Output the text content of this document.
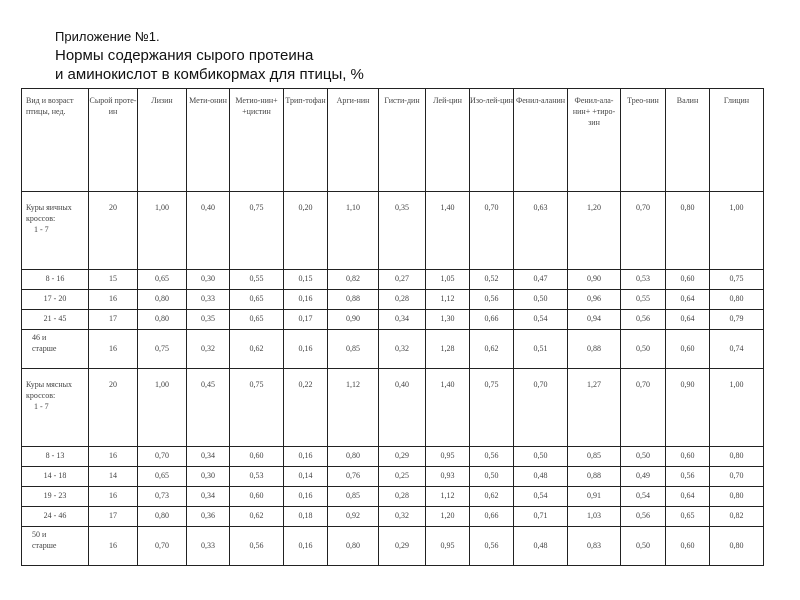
Приложение №1.
Нормы содержания сырого протеина
и аминокислот в комбикормах для птицы, %
Вид и возраст птицы, нед.	Сырой проте-ин	Лизин	Мети-онин	Метио-нин+ +цистин	Трип-тофан	Арги-нин	Гисти-дин	Лей-цин	Изо-лей-цин	Фенил-аланин	Фенил-ала-нин+ +тиро-зин	Трео-нин	Валин	Глицин

Куры яичных
кроссов:
1 - 7	20	1,00	0,40	0,75	0,20	1,10	0,35	1,40	0,70	0,63	1,20	0,70	0,80	1,00

8 - 16	15	0,65	0,30	0,55	0,15	0,82	0,27	1,05	0,52	0,47	0,90	0,53	0,60	0,75

17 - 20	16	0,80	0,33	0,65	0,16	0,88	0,28	1,12	0,56	0,50	0,96	0,55	0,64	0,80

21 - 45	17	0,80	0,35	0,65	0,17	0,90	0,34	1,30	0,66	0,54	0,94	0,56	0,64	0,79

46 и
старше	16	0,75	0,32	0,62	0,16	0,85	0,32	1,28	0,62	0,51	0,88	0,50	0,60	0,74

Куры мясных
кроссов:
1 - 7	20	1,00	0,45	0,75	0,22	1,12	0,40	1,40	0,75	0,70	1,27	0,70	0,90	1,00

8 - 13	16	0,70	0,34	0,60	0,16	0,80	0,29	0,95	0,56	0,50	0,85	0,50	0,60	0,80

14 - 18	14	0,65	0,30	0,53	0,14	0,76	0,25	0,93	0,50	0,48	0,88	0,49	0,56	0,70

19 - 23	16	0,73	0,34	0,60	0,16	0,85	0,28	1,12	0,62	0,54	0,91	0,54	0,64	0,80

24 - 46	17	0,80	0,36	0,62	0,18	0,92	0,32	1,20	0,66	0,71	1,03	0,56	0,65	0,82

50 и
старше	16	0,70	0,33	0,56	0,16	0,80	0,29	0,95	0,56	0,48	0,83	0,50	0,60	0,80
